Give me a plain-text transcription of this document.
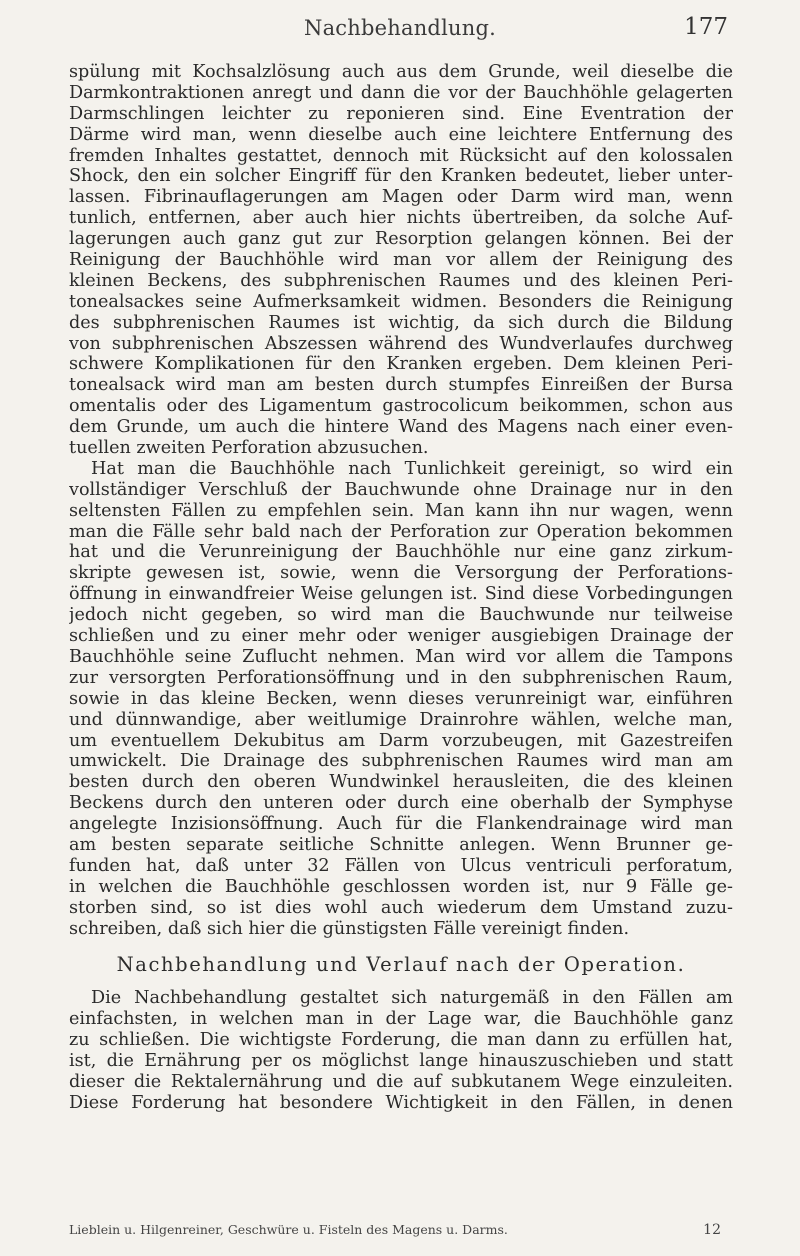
Nachbehandlung.	177
spülung mit Kochsalzlösung auch aus dem Grunde, weil dieselbe die
Darmkontraktionen anregt und dann die vor der Bauchhöhle gelagerten
Darmschlingen leichter zu reponieren sind. Eine Eventration der
Därme wird man, wenn dieselbe auch eine leichtere Entfernung des
fremden Inhaltes gestattet, dennoch mit Rücksicht auf den kolossalen
Shock, den ein solcher Eingriff für den Kranken bedeutet, lieber unter-
lassen. Fibrinauflagerungen am Magen oder Darm wird man, wenn
tunlich, entfernen, aber auch hier nichts übertreiben, da solche Auf-
lagerungen auch ganz gut zur Resorption gelangen können. Bei der
Reinigung der Bauchhöhle wird man vor allem der Reinigung des
kleinen Beckens, des subphrenischen Raumes und des kleinen Peri-
tonealsackes seine Aufmerksamkeit widmen. Besonders die Reinigung
des subphrenischen Raumes ist wichtig, da sich durch die Bildung
von subphrenischen Abszessen während des Wundverlaufes durchweg
schwere Komplikationen für den Kranken ergeben. Dem kleinen Peri-
tonealsack wird man am besten durch stumpfes Einreißen der Bursa
omentalis oder des Ligamentum gastrocolicum beikommen, schon aus
dem Grunde, um auch die hintere Wand des Magens nach einer even-
tuellen zweiten Perforation abzusuchen.
Hat man die Bauchhöhle nach Tunlichkeit gereinigt, so wird ein
vollständiger Verschluß der Bauchwunde ohne Drainage nur in den
seltensten Fällen zu empfehlen sein. Man kann ihn nur wagen, wenn
man die Fälle sehr bald nach der Perforation zur Operation bekommen
hat und die Verunreinigung der Bauchhöhle nur eine ganz zirkum-
skripte gewesen ist, sowie, wenn die Versorgung der Perforations-
öffnung in einwandfreier Weise gelungen ist. Sind diese Vorbedingungen
jedoch nicht gegeben, so wird man die Bauchwunde nur teilweise
schließen und zu einer mehr oder weniger ausgiebigen Drainage der
Bauchhöhle seine Zuflucht nehmen. Man wird vor allem die Tampons
zur versorgten Perforationsöffnung und in den subphrenischen Raum,
sowie in das kleine Becken, wenn dieses verunreinigt war, einführen
und dünnwandige, aber weitlumige Drainrohre wählen, welche man,
um eventuellem Dekubitus am Darm vorzubeugen, mit Gazestreifen
umwickelt. Die Drainage des subphrenischen Raumes wird man am
besten durch den oberen Wundwinkel herausleiten, die des kleinen
Beckens durch den unteren oder durch eine oberhalb der Symphyse
angelegte Inzisionsöffnung. Auch für die Flankendrainage wird man
am besten separate seitliche Schnitte anlegen. Wenn Brunner ge-
funden hat, daß unter 32 Fällen von Ulcus ventriculi perforatum,
in welchen die Bauchhöhle geschlossen worden ist, nur 9 Fälle ge-
storben sind, so ist dies wohl auch wiederum dem Umstand zuzu-
schreiben, daß sich hier die günstigsten Fälle vereinigt finden.
Nachbehandlung und Verlauf nach der Operation.
Die Nachbehandlung gestaltet sich naturgemäß in den Fällen am
einfachsten, in welchen man in der Lage war, die Bauchhöhle ganz
zu schließen. Die wichtigste Forderung, die man dann zu erfüllen hat,
ist, die Ernährung per os möglichst lange hinauszuschieben und statt
dieser die Rektalernährung und die auf subkutanem Wege einzuleiten.
Diese Forderung hat besondere Wichtigkeit in den Fällen, in denen
Lieblein u. Hilgenreiner, Geschwüre u. Fisteln des Magens u. Darms.	12
